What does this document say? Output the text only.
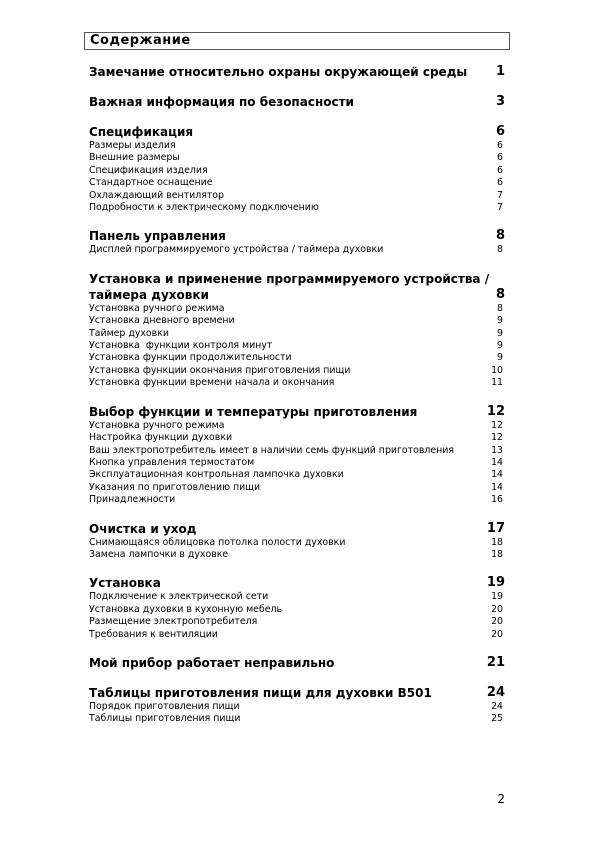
Содержание
Замечание относительно охраны окружающей среды 1
Важная информация по безопасности	3
Спецификация	6
Размеры изделия	6
Внешние размеры	6
Спецификация изделия	6
Стандартное оснащение	6
Охлаждающий вентилятор	7
Подробности к электрическому подключению	7
Панель управления	8
Дисплей программируемого устройства / таймера духовки	8
Установка и применение программируемого устройства /
таймера духовки	8
Установка ручного режима	8
Установка дневного времени	9
Таймер духовки	9
Установка  функции контроля минут	9
Установка функции продолжительности	9
Установка функции окончания приготовления пищи	10
Установка функции времени начала и окончания	11
Выбор функции и температуры приготовления	12
Установка ручного режима	12
Настройка функции духовки	12
Ваш электропотребитель имеет в наличии семь функций приготовления	13
Кнопка управления термостатом	14
Эксплуатационная контрольная лампочка духовки	14
Указания по приготовлению пищи	14
Принадлежности	16
Очистка и уход	17
Снимающаяся облицовка потолка полости духовки	18
Замена лампочки в духовке	18
Установка	19
Подключение к электрической сети	19
Установка духовки в кухонную мебель	20
Размещение электропотребителя	20
Требования к вентиляции	20
Мой прибор работает неправильно	21
Таблицы приготовления пищи для духовки B501	24
Порядок приготовления пищи	24
Таблицы приготовления пищи	25
2
